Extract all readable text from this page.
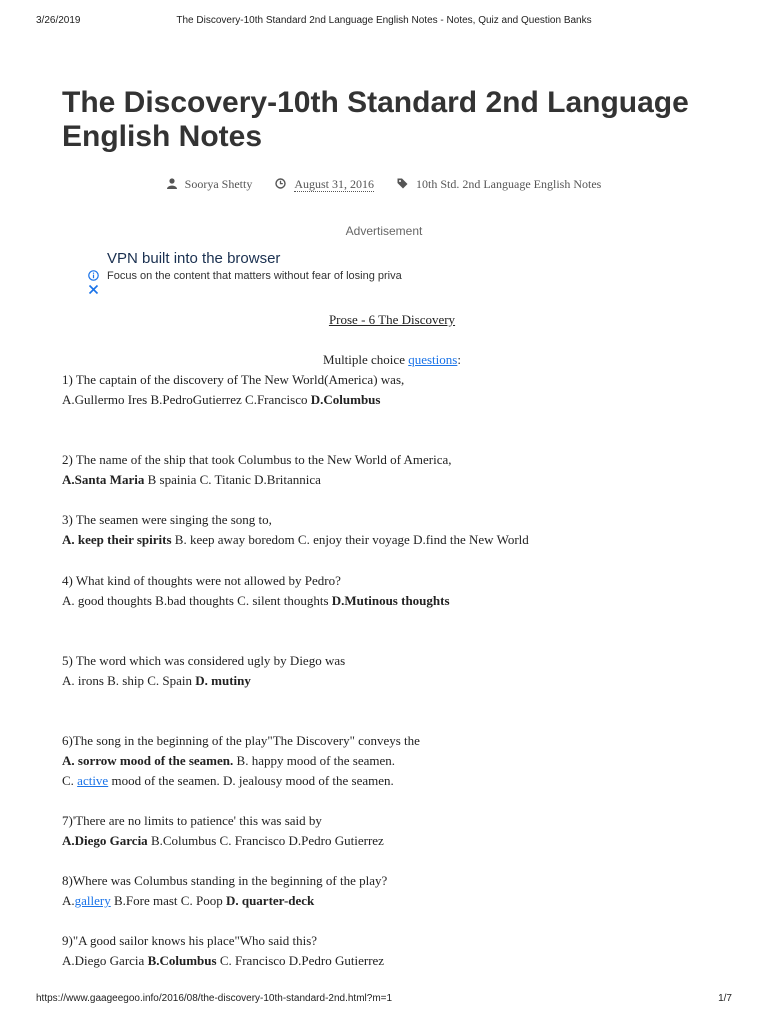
3/26/2019	The Discovery-10th Standard 2nd Language English Notes - Notes, Quiz and Question Banks
The Discovery-10th Standard 2nd Language English Notes
Soorya Shetty	August 31, 2016	10th Std. 2nd Language English Notes
Advertisement
VPN built into the browser
Focus on the content that matters without fear of losing priva

Prose - 6 The Discovery

Multiple choice questions:

1) The captain of the discovery of The New World(America) was,

A.Gullermo Ires B.PedroGutierrez C.Francisco D.Columbus

2) The name of the ship that took Columbus to the New World of America,

A.Santa Maria B spainia C. Titanic D.Britannica

3) The seamen were singing the song to,

A. keep their spirits B. keep away boredom C. enjoy their voyage D.find the New World

4) What kind of thoughts were not allowed by Pedro?

A. good thoughts B.bad thoughts C. silent thoughts D.Mutinous thoughts

5) The word which was considered ugly by Diego was

A. irons B. ship C. Spain D. mutiny

6)The song in the beginning of the play"The Discovery" conveys the

A. sorrow mood of the seamen. B. happy mood of the seamen.

C. active mood of the seamen. D. jealousy mood of the seamen.

7)'There are no limits to patience' this was said by

A.Diego Garcia B.Columbus C. Francisco D.Pedro Gutierrez

8)Where was Columbus standing in the beginning of the play?

A.gallery B.Fore mast C. Poop D. quarter-deck

9)"A good sailor knows his place"Who said this?

A.Diego Garcia B.Columbus C. Francisco D.Pedro Gutierrez

https://www.gaageegoo.info/2016/08/the-discovery-10th-standard-2nd.html?m=1	1/7
